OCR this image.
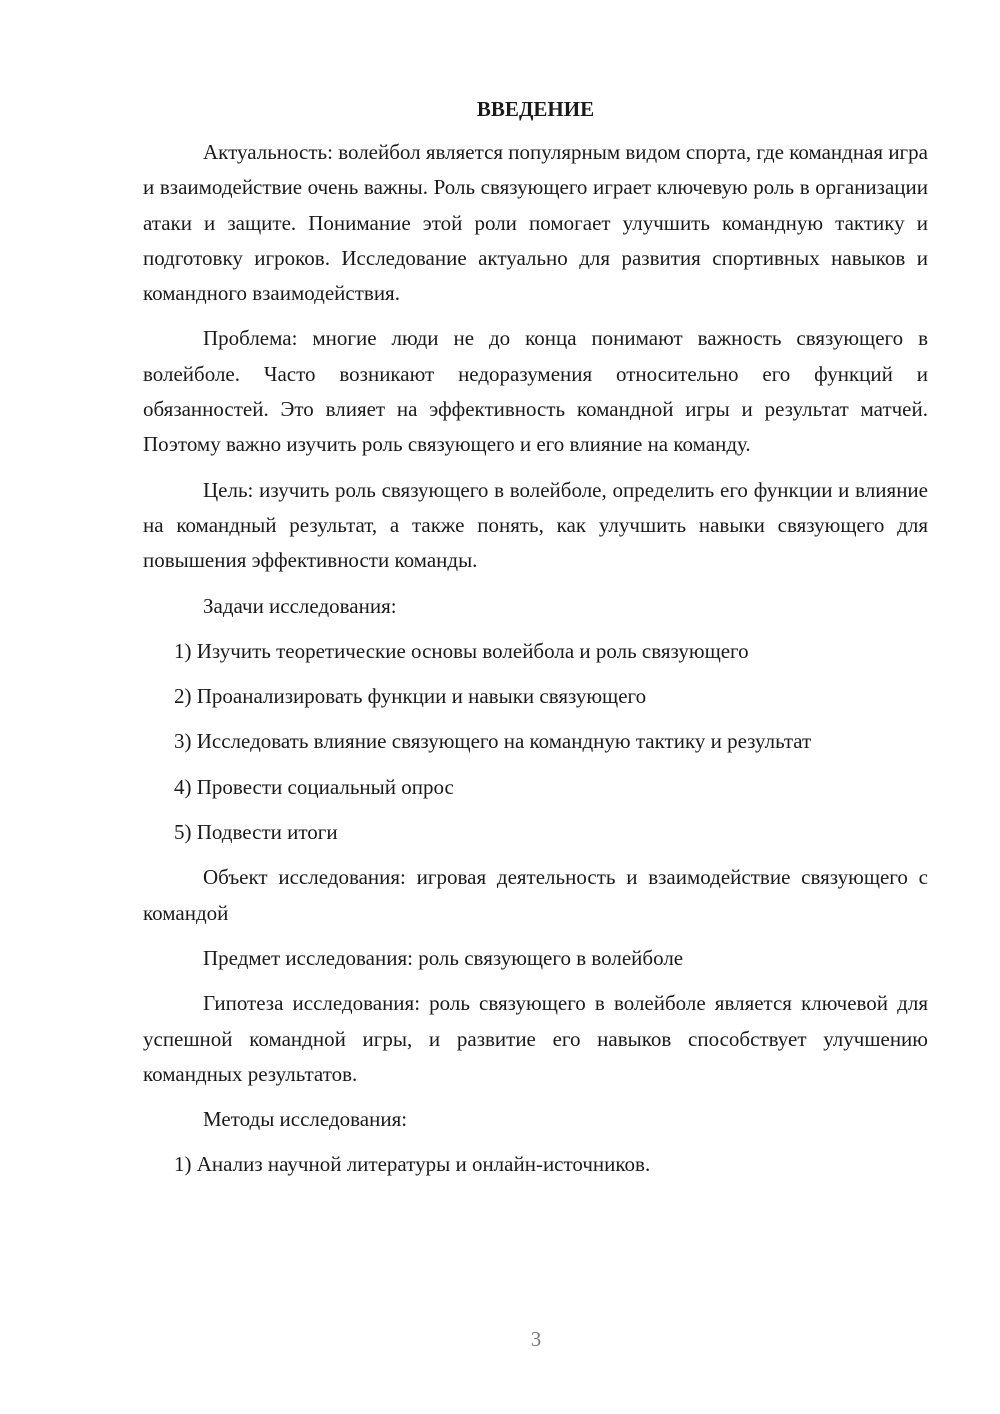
ВВЕДЕНИЕ

Актуальность: волейбол является популярным видом спорта, где командная игра и взаимодействие очень важны. Роль связующего играет ключевую роль в организации атаки и защите. Понимание этой роли помогает улучшить командную тактику и подготовку игроков. Исследование актуально для развития спортивных навыков и командного взаимодействия.

Проблема: многие люди не до конца понимают важность связующего в волейболе. Часто возникают недоразумения относительно его функций и обязанностей. Это влияет на эффективность командной игры и результат матчей. Поэтому важно изучить роль связующего и его влияние на команду.

Цель: изучить роль связующего в волейболе, определить его функции и влияние на командный результат, а также понять, как улучшить навыки связующего для повышения эффективности команды.

Задачи исследования:

1) Изучить теоретические основы волейбола и роль связующего

2) Проанализировать функции и навыки связующего

3) Исследовать влияние связующего на командную тактику и результат

4) Провести социальный опрос

5) Подвести итоги

Объект исследования: игровая деятельность и взаимодействие связующего с командой

Предмет исследования: роль связующего в волейболе

Гипотеза исследования: роль связующего в волейболе является ключевой для успешной командной игры, и развитие его навыков способствует улучшению командных результатов.

Методы исследования:

1) Анализ научной литературы и онлайн-источников.

3
